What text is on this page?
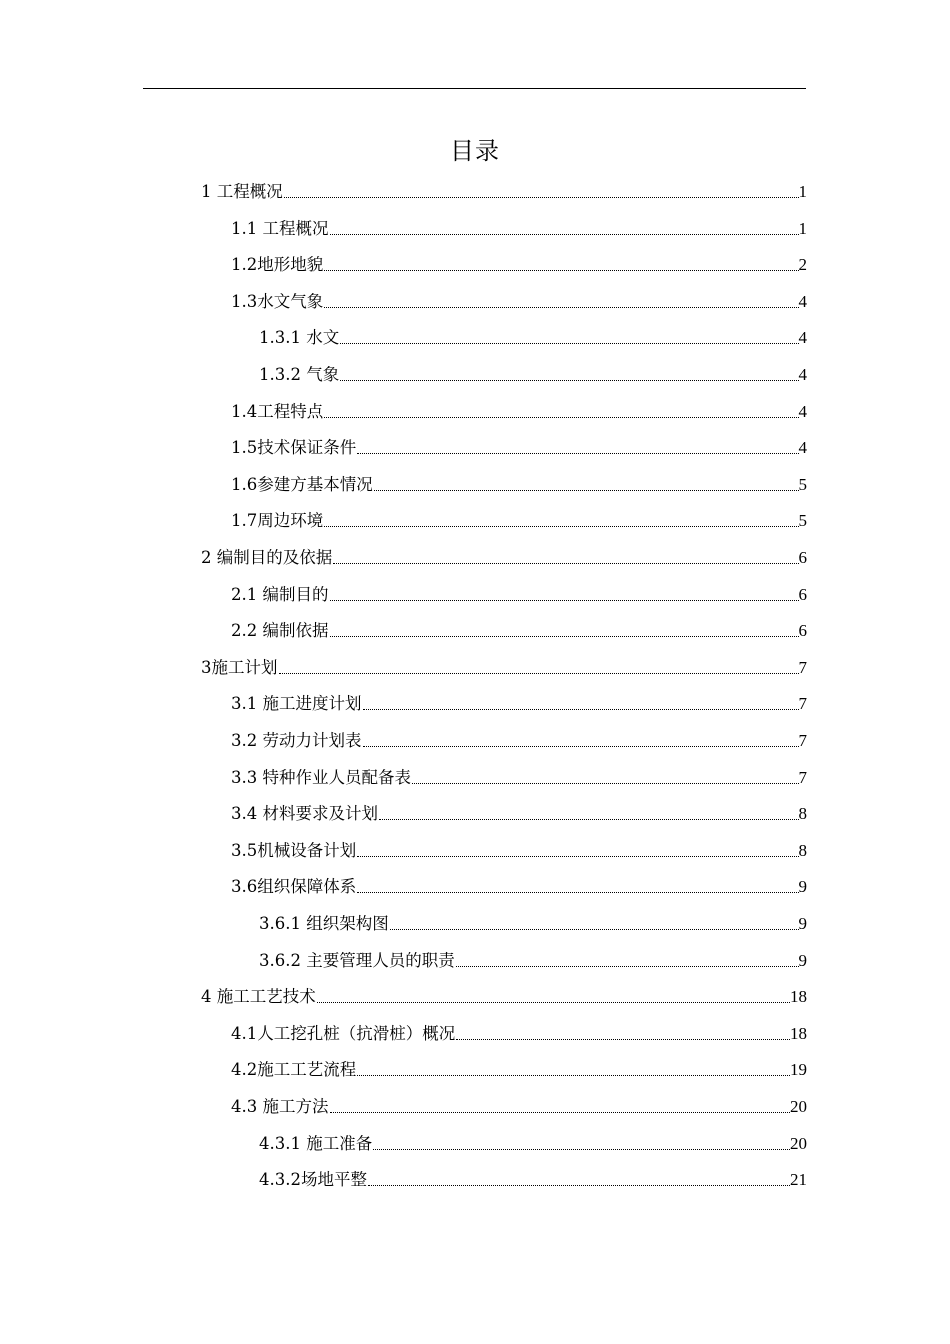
目录
1 工程概况	1
1.1 工程概况	1
1.2地形地貌	2
1.3水文气象	4
1.3.1 水文	4
1.3.2 气象	4
1.4工程特点	4
1.5技术保证条件	4
1.6参建方基本情况	5
1.7周边环境	5
2 编制目的及依据	6
2.1 编制目的	6
2.2 编制依据	6
3施工计划	7
3.1 施工进度计划	7
3.2 劳动力计划表	7
3.3 特种作业人员配备表	7
3.4 材料要求及计划	8
3.5机械设备计划	8
3.6组织保障体系	9
3.6.1 组织架构图	9
3.6.2 主要管理人员的职责	9
4 施工工艺技术	18
4.1人工挖孔桩（抗滑桩）概况	18
4.2施工工艺流程	19
4.3 施工方法	20
4.3.1 施工准备	20
4.3.2场地平整	21
